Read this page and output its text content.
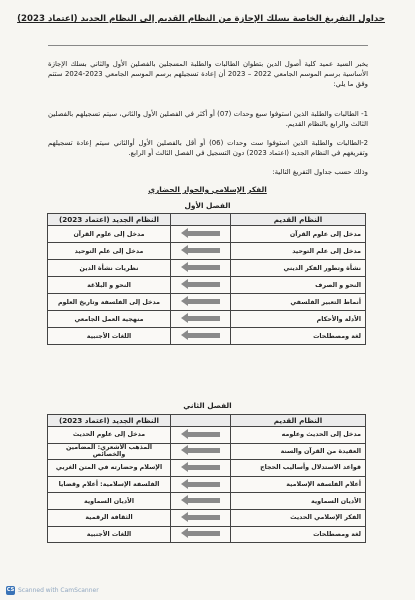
جداول التفريغ الخاصة بسلك الإجازة من النظام القديم إلى النظام الجديد (اعتماد 2023)
يخبر السيد عميد كلية أصول الدين بتطوان الطالبات والطلبة المسجلين بالفصلين الأول والثاني بسلك الإجازة الأساسية برسم الموسم الجامعي 2022 – 2023 أن إعادة تسجيلهم برسم الموسم الجامعي 2023-2024 ستتم وفق ما يلي:
1- الطالبات والطلبة الذين استوفوا سبع وحدات (07) أو أكثر في الفصلين الأول والثاني، سيتم تسجيلهم بالفصلين الثالث والرابع بالنظام القديم.
2-الطالبات والطلبة الذين استوفوا ست وحدات (06) أو أقل بالفصلين الأول أوالثاني سيتم إعادة تسجيلهم وتفريغهم في النظام الجديد (اعتماد 2023) دون التسجيل في الفصل الثالث أو الرابع.
وذلك حسب جداول التفريغ التالية:
الفكر الإسلامي والحوار الحضاري
الفصل الأول
النظام القديم		النظام الجديد (اعتماد 2023)
مدخل إلى علوم القرآن		مدخل إلى علوم القرآن
مدخل إلى علم التوحيد		مدخل إلى علم التوحيد
نشأة وتطور الفكر الديني		نظريات نشأة الدين
النحو و الصرف		النحو و البلاغة
أنماط التعبير الفلسفي		مدخل إلى الفلسفة وتاريخ العلوم
الأدلة والأحكام		منهجية العمل الجامعي
لغة ومصطلحات		اللغات الأجنبية
الفصل الثاني
النظام القديم		النظام الجديد (اعتماد 2023)
مدخل إلى الحديث وعلومه		مدخل إلى علوم الحديث
العقيدة من القرآن والسنة		المذهب الأشعري: المضامين والخصائص
قواعد الاستدلال وأساليب الحجاج		الإسلام وحضارته في المتن الغربي
أعلام الفلسفة الإسلامية		الفلسفة الإسلامية: أعلام وقضايا
الأديان السماوية		الأديان السماوية
الفكر الإسلامي الحديث		الثقافة الرقمية
لغة ومصطلحات		اللغات الأجنبية
CS Scanned with CamScanner
